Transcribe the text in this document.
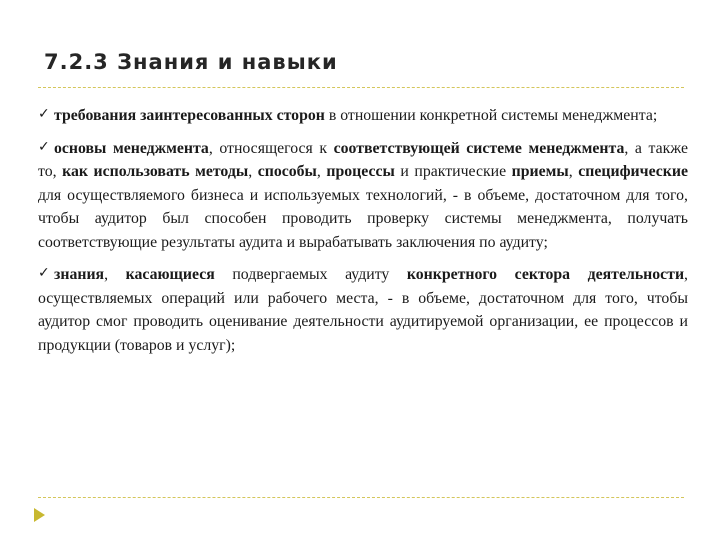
7.2.3 Знания и навыки

✓ требования заинтересованных сторон в отношении конкретной системы менеджмента;

✓ основы менеджмента, относящегося к соответствующей системе менеджмента, а также то, как использовать методы, способы, процессы и практические приемы, специфические для осуществляемого бизнеса и используемых технологий, - в объеме, достаточном для того, чтобы аудитор был способен проводить проверку системы менеджмента, получать соответствующие результаты аудита и вырабатывать заключения по аудиту;

✓ знания, касающиеся подвергаемых аудиту конкретного сектора деятельности, осуществляемых операций или рабочего места, - в объеме, достаточном для того, чтобы аудитор смог проводить оценивание деятельности аудитируемой организации, ее процессов и продукции (товаров и услуг);
